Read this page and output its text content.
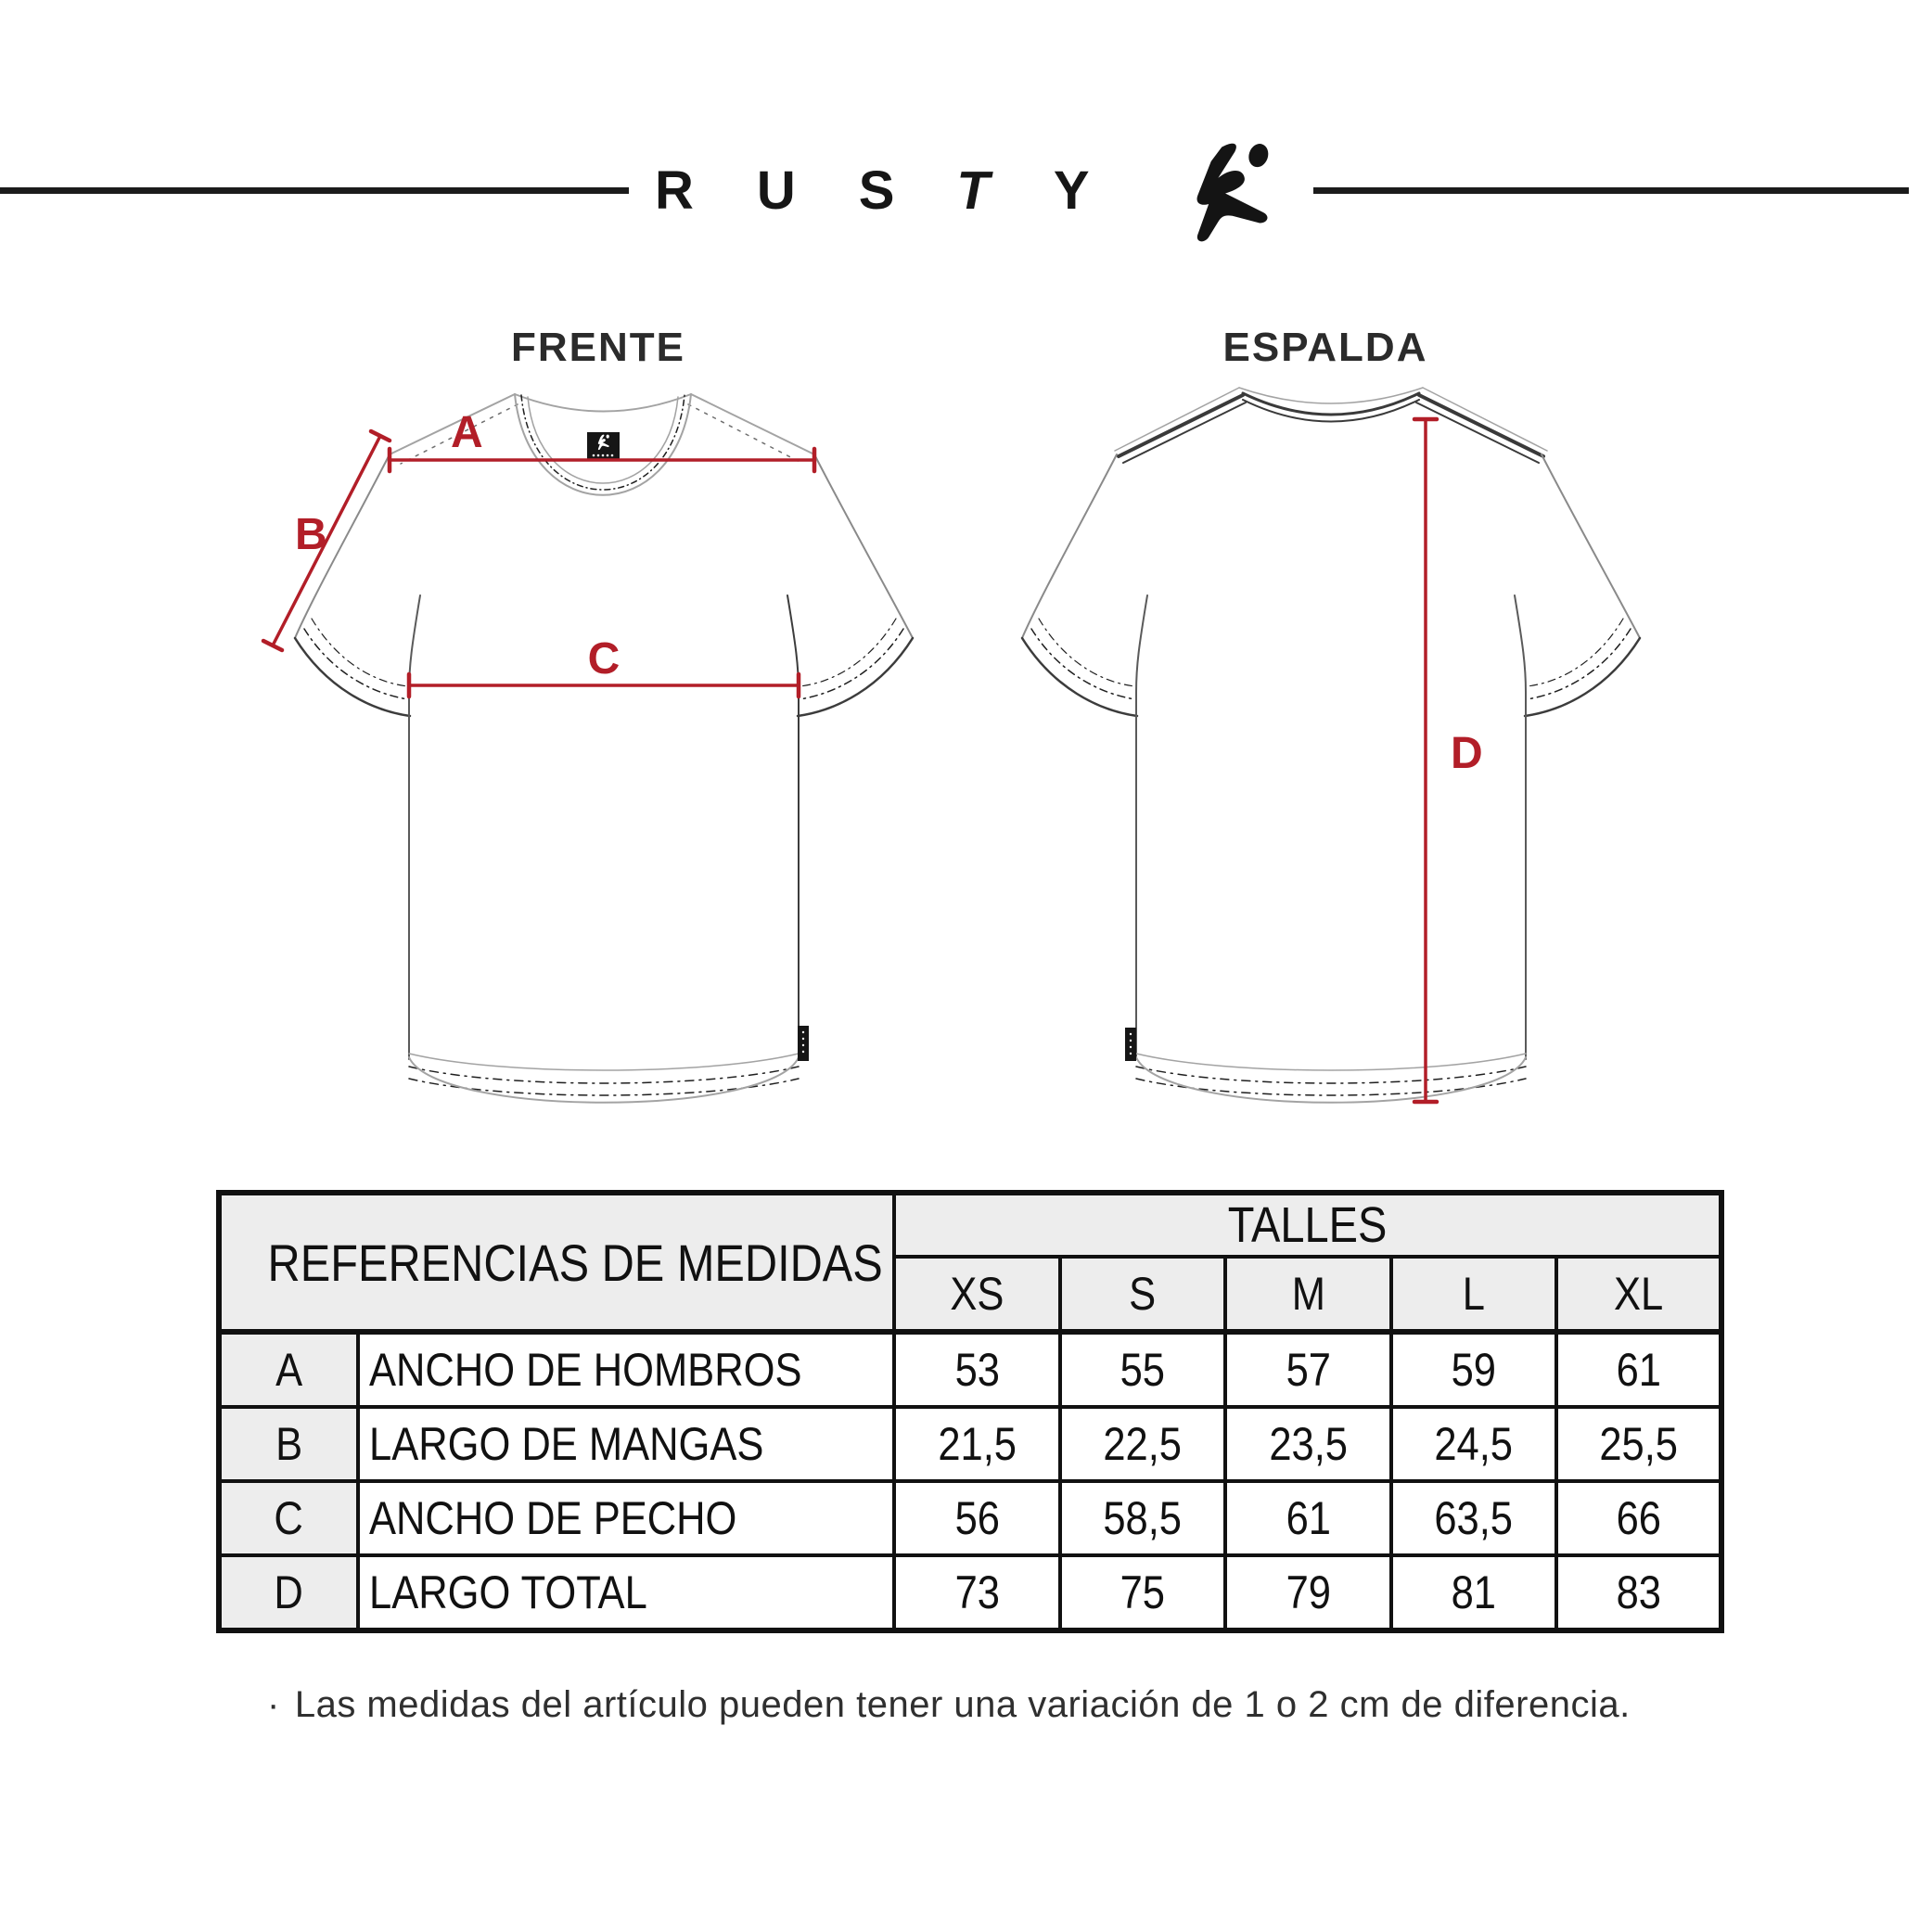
R U S T Y
FRENTE	ESPALDA
A
B
C
D
REFERENCIAS DE MEDIDAS		TALLES				
		XS	S	M	L	XL
A	ANCHO DE HOMBROS	53	55	57	59	61
B	LARGO DE MANGAS	21,5	22,5	23,5	24,5	25,5
C	ANCHO DE PECHO	56	58,5	61	63,5	66
D	LARGO TOTAL	73	75	79	81	83
· Las medidas del artículo pueden tener una variación de 1 o 2 cm de diferencia.
